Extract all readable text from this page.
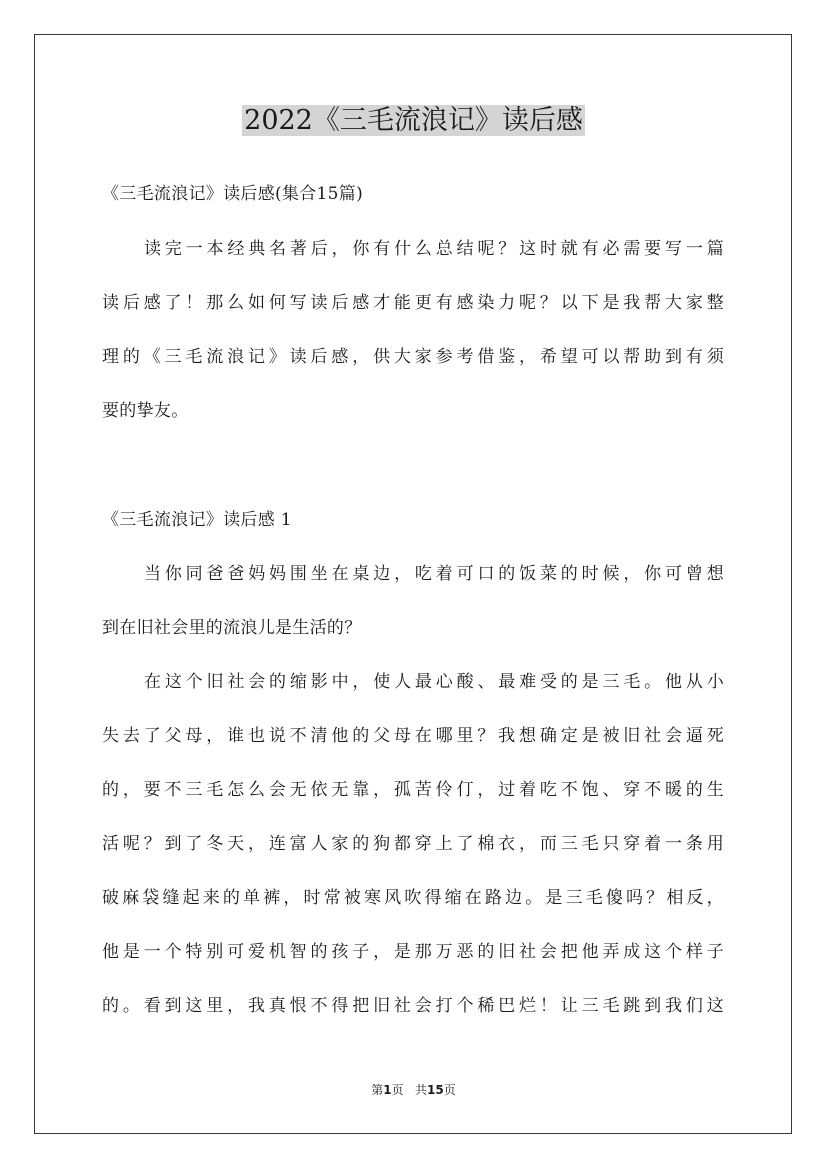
2022《三毛流浪记》读后感
《三毛流浪记》读后感(集合15篇)
读完一本经典名著后，你有什么总结呢？这时就有必需要写一篇
读后感了！那么如何写读后感才能更有感染力呢？以下是我帮大家整
理的《三毛流浪记》读后感，供大家参考借鉴，希望可以帮助到有须
要的挚友。
《三毛流浪记》读后感 1
当你同爸爸妈妈围坐在桌边，吃着可口的饭菜的时候，你可曾想
到在旧社会里的流浪儿是生活的？
在这个旧社会的缩影中，使人最心酸、最难受的是三毛。他从小
失去了父母，谁也说不清他的父母在哪里？我想确定是被旧社会逼死
的，要不三毛怎么会无依无靠，孤苦伶仃，过着吃不饱、穿不暖的生
活呢？到了冬天，连富人家的狗都穿上了棉衣，而三毛只穿着一条用
破麻袋缝起来的单裤，时常被寒风吹得缩在路边。是三毛傻吗？相反，
他是一个特别可爱机智的孩子，是那万恶的旧社会把他弄成这个样子
的。看到这里，我真恨不得把旧社会打个稀巴烂！让三毛跳到我们这
第1页   共15页
